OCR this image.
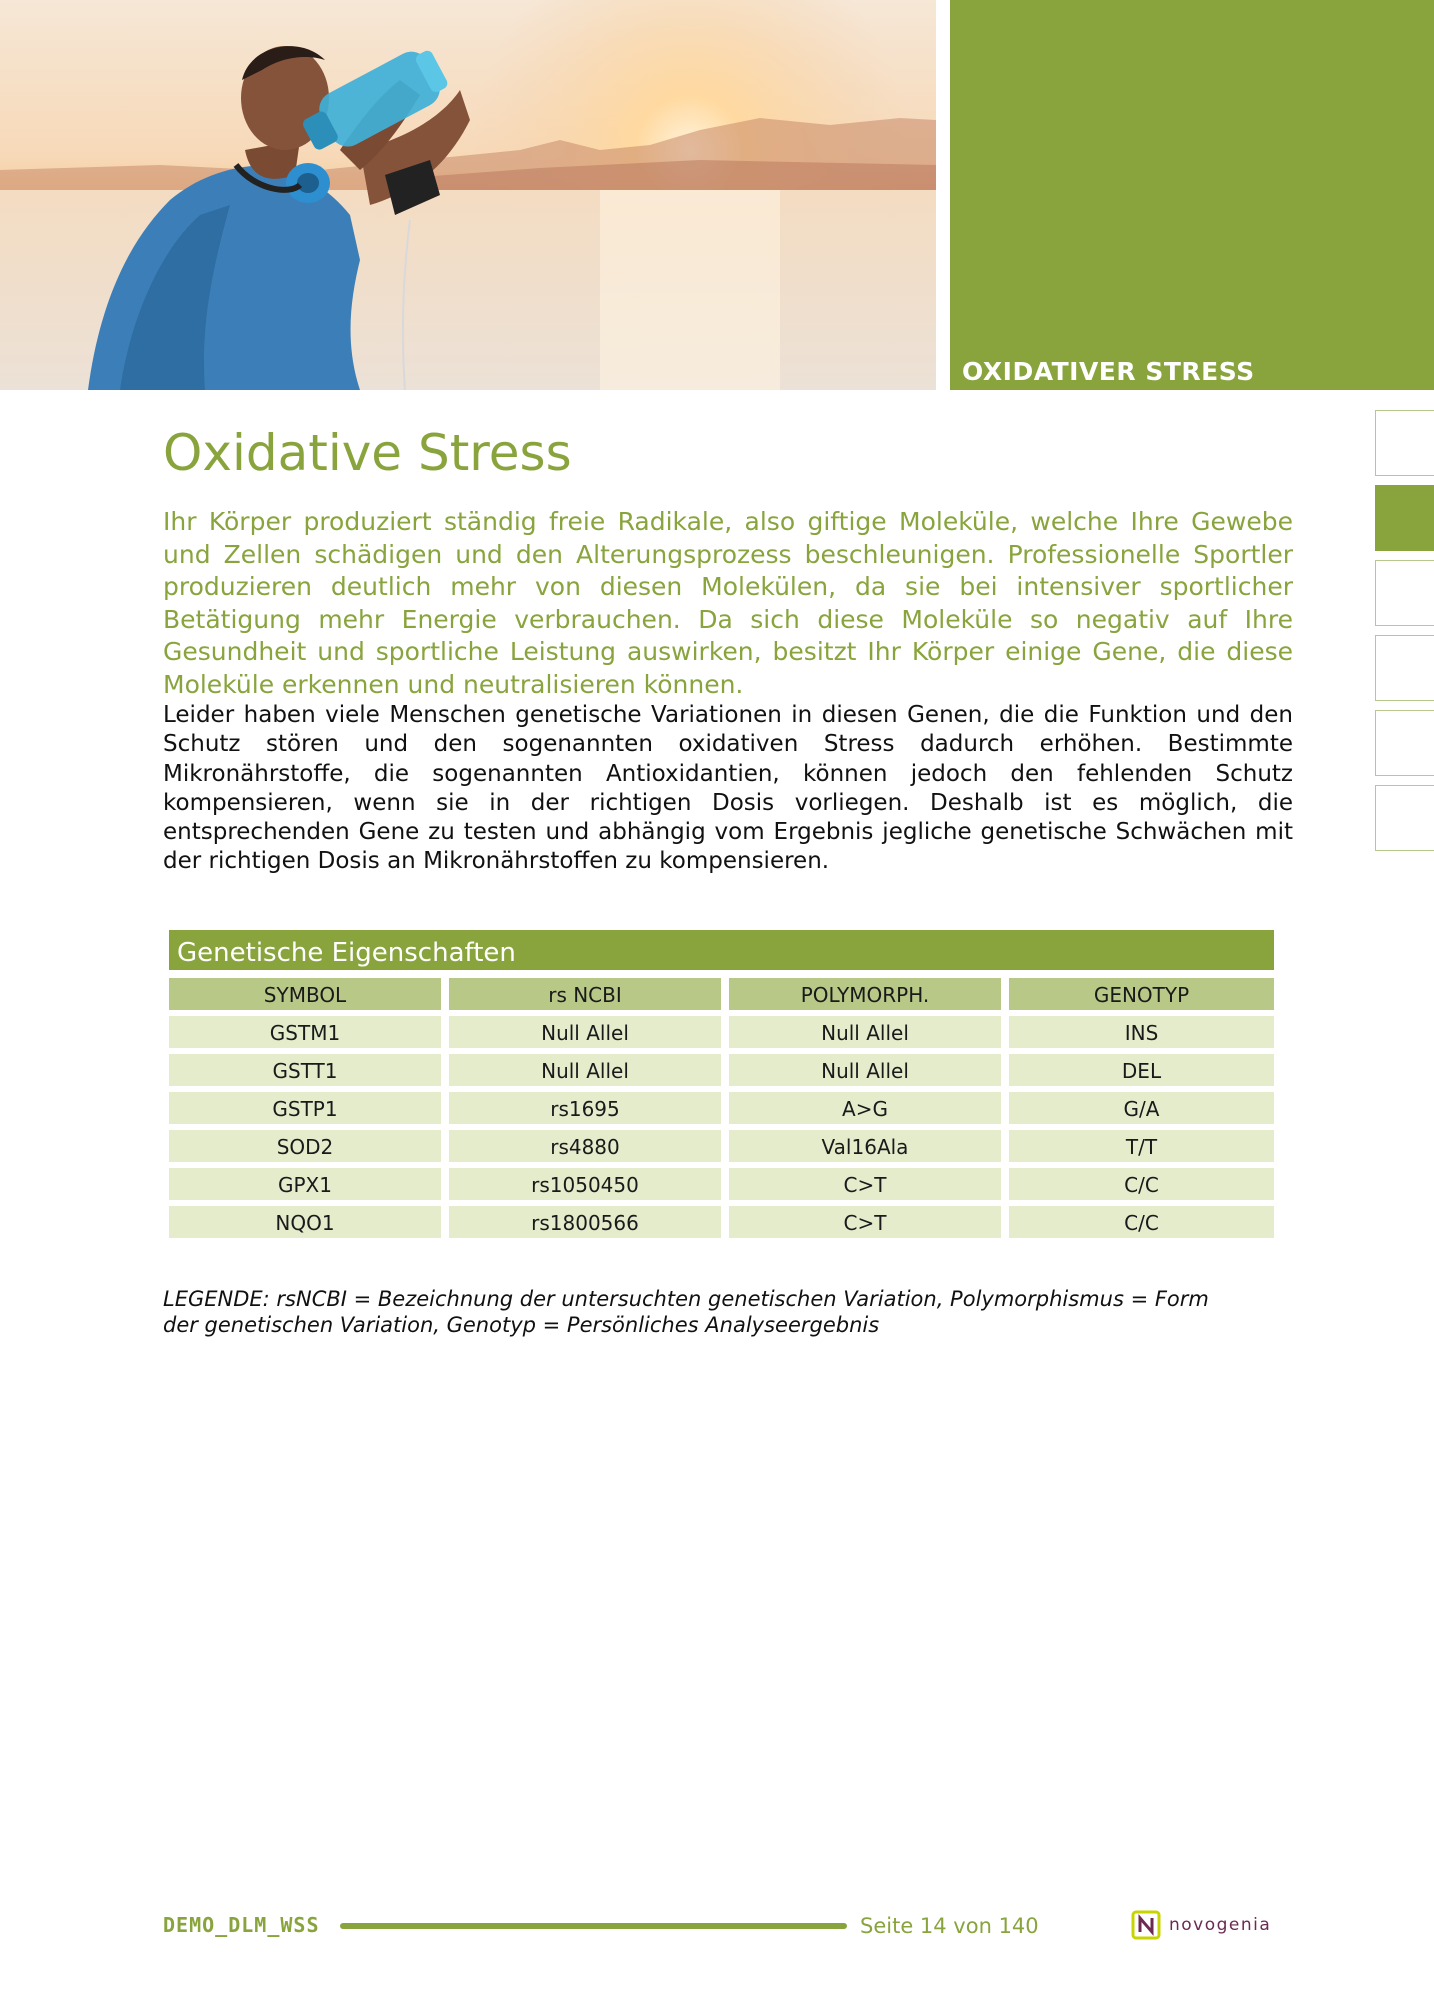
OXIDATIVER STRESS
Oxidative Stress

Ihr Körper produziert ständig freie Radikale, also giftige Moleküle, welche Ihre Gewebe und Zellen schädigen und den Alterungsprozess beschleunigen. Professionelle Sportler produzieren deutlich mehr von diesen Molekülen, da sie bei intensiver sportlicher Betätigung mehr Energie verbrauchen. Da sich diese Moleküle so negativ auf Ihre Gesundheit und sportliche Leistung auswirken, besitzt Ihr Körper einige Gene, die diese Moleküle erkennen und neutralisieren können.

Leider haben viele Menschen genetische Variationen in diesen Genen, die die Funktion und den Schutz stören und den sogenannten oxidativen Stress dadurch erhöhen. Bestimmte Mikronährstoffe, die sogenannten Antioxidantien, können jedoch den fehlenden Schutz kompensieren, wenn sie in der richtigen Dosis vorliegen. Deshalb ist es möglich, die entsprechenden Gene zu testen und abhängig vom Ergebnis jegliche genetische Schwächen mit der richtigen Dosis an Mikronährstoffen zu kompensieren.

Genetische Eigenschaften
SYMBOL	rs NCBI	POLYMORPH.	GENOTYP
GSTM1	Null Allel	Null Allel	INS
GSTT1	Null Allel	Null Allel	DEL
GSTP1	rs1695	A>G	G/A
SOD2	rs4880	Val16Ala	T/T
GPX1	rs1050450	C>T	C/C
NQO1	rs1800566	C>T	C/C

LEGENDE: rsNCBI = Bezeichnung der untersuchten genetischen Variation, Polymorphismus = Form der genetischen Variation, Genotyp = Persönliches Analyseergebnis

DEMO_DLM_WSS	Seite 14 von 140	novogenia
